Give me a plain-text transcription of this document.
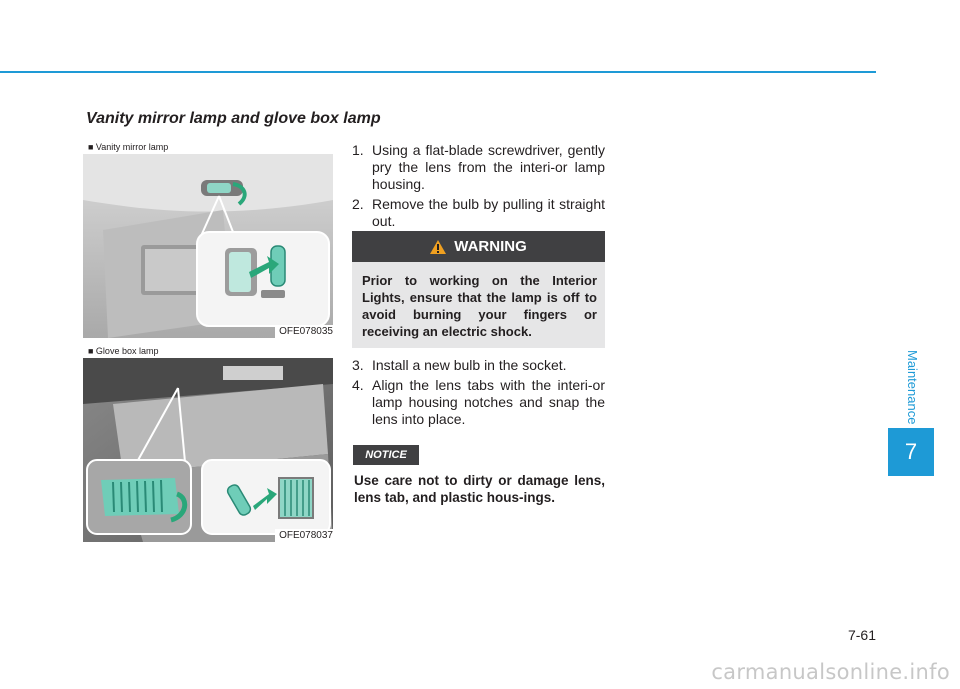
Vanity mirror lamp and glove box lamp
■ Vanity mirror lamp
OFE078035
■ Glove box lamp
OFE078037
1. Using a flat-blade screwdriver, gently pry the lens from the interi-or lamp housing.
2. Remove the bulb by pulling it straight out.
WARNING
Prior to working on the Interior Lights, ensure that the lamp is off to avoid burning your fingers or receiving an electric shock.
3. Install a new bulb in the socket.
4. Align the lens tabs with the interi-or lamp housing notches and snap the lens into place.
NOTICE
Use care not to dirty or damage lens, lens tab, and plastic hous-ings.
Maintenance
7
7-61
carmanualsonline.info
